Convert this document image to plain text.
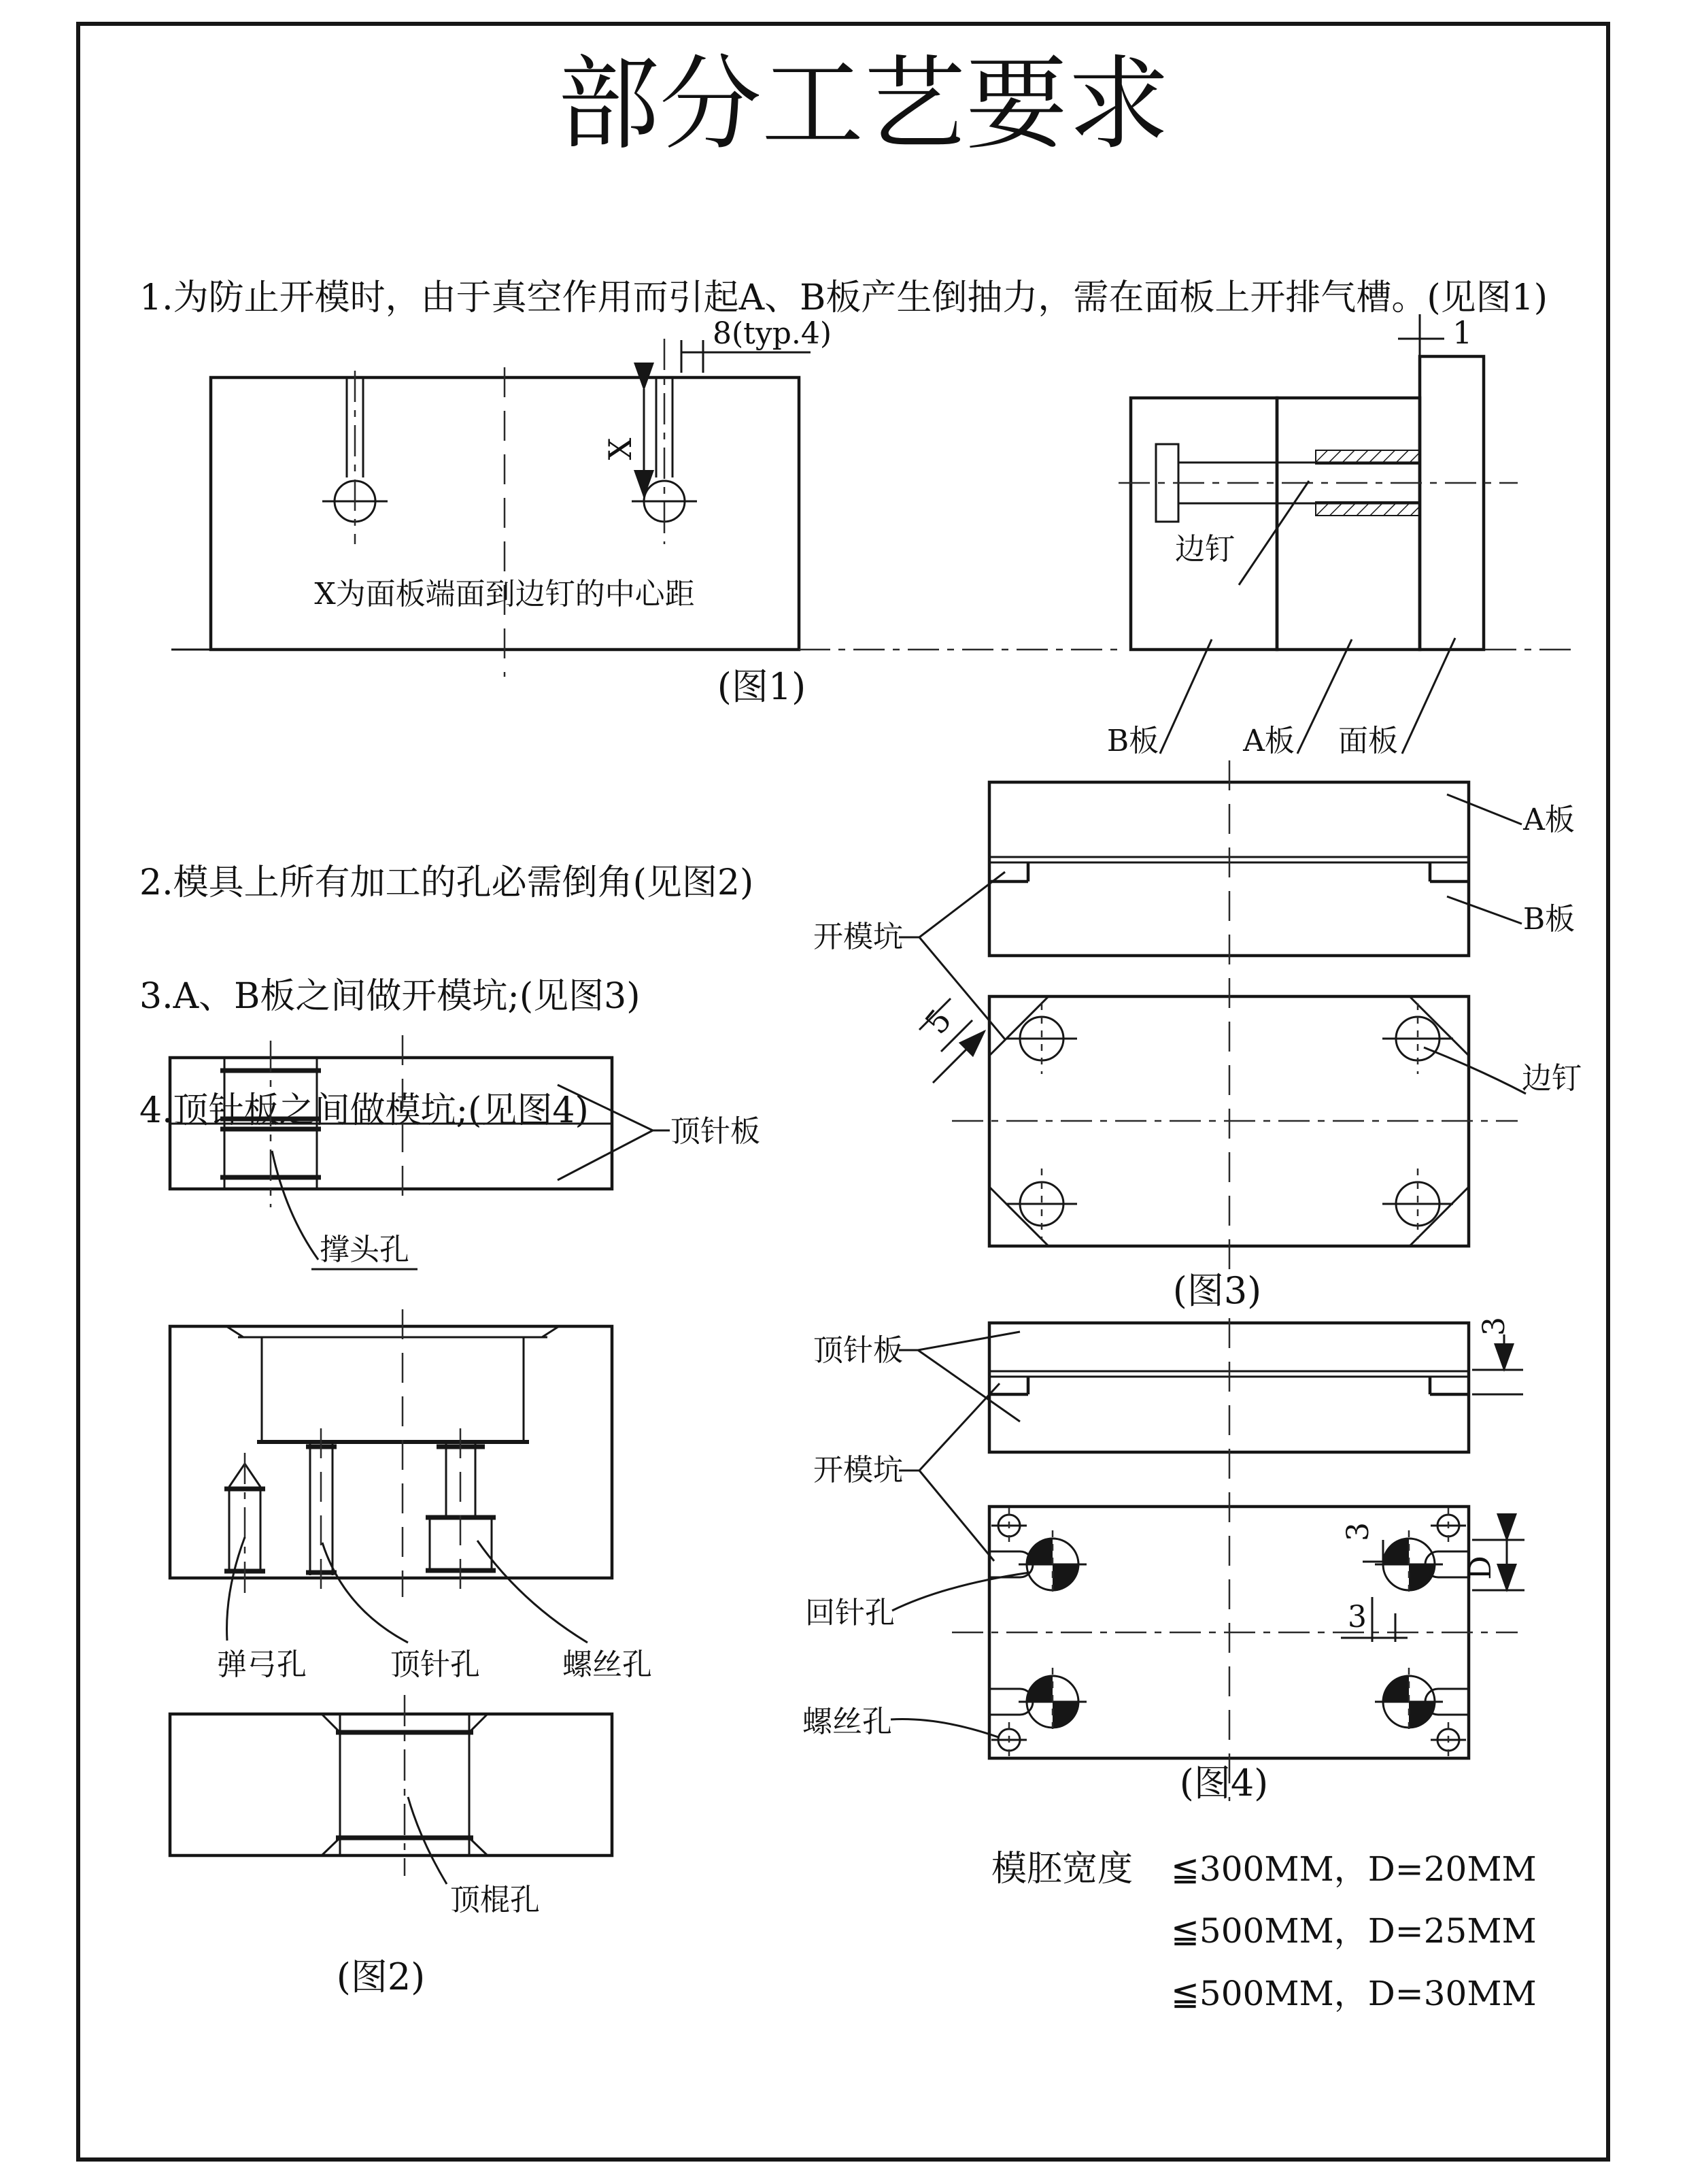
部分工艺要求
1.为防止开模时，由于真空作用而引起A、B板产生倒抽力，需在面板上开排气槽。(见图1)
2.模具上所有加工的孔必需倒角(见图2)
3.A、B板之间做开模坑;(见图3)
4.顶针板之间做模坑;(见图4)
X
8(typ.4)
X为面板端面到边钉的中心距
(图1)
1
边钉
B板	A板 面板
顶针板
撑头孔
弹弓孔	顶针孔	螺丝孔
顶棍孔
(图2)
A板
B板
开模坑
5
边钉
(图3)
3
顶针板
开模坑
3
3
D
回针孔
螺丝孔
(图4)
模胚宽度 ≦300MM，D=20MM
≦500MM，D=25MM
≦500MM，D=30MM
